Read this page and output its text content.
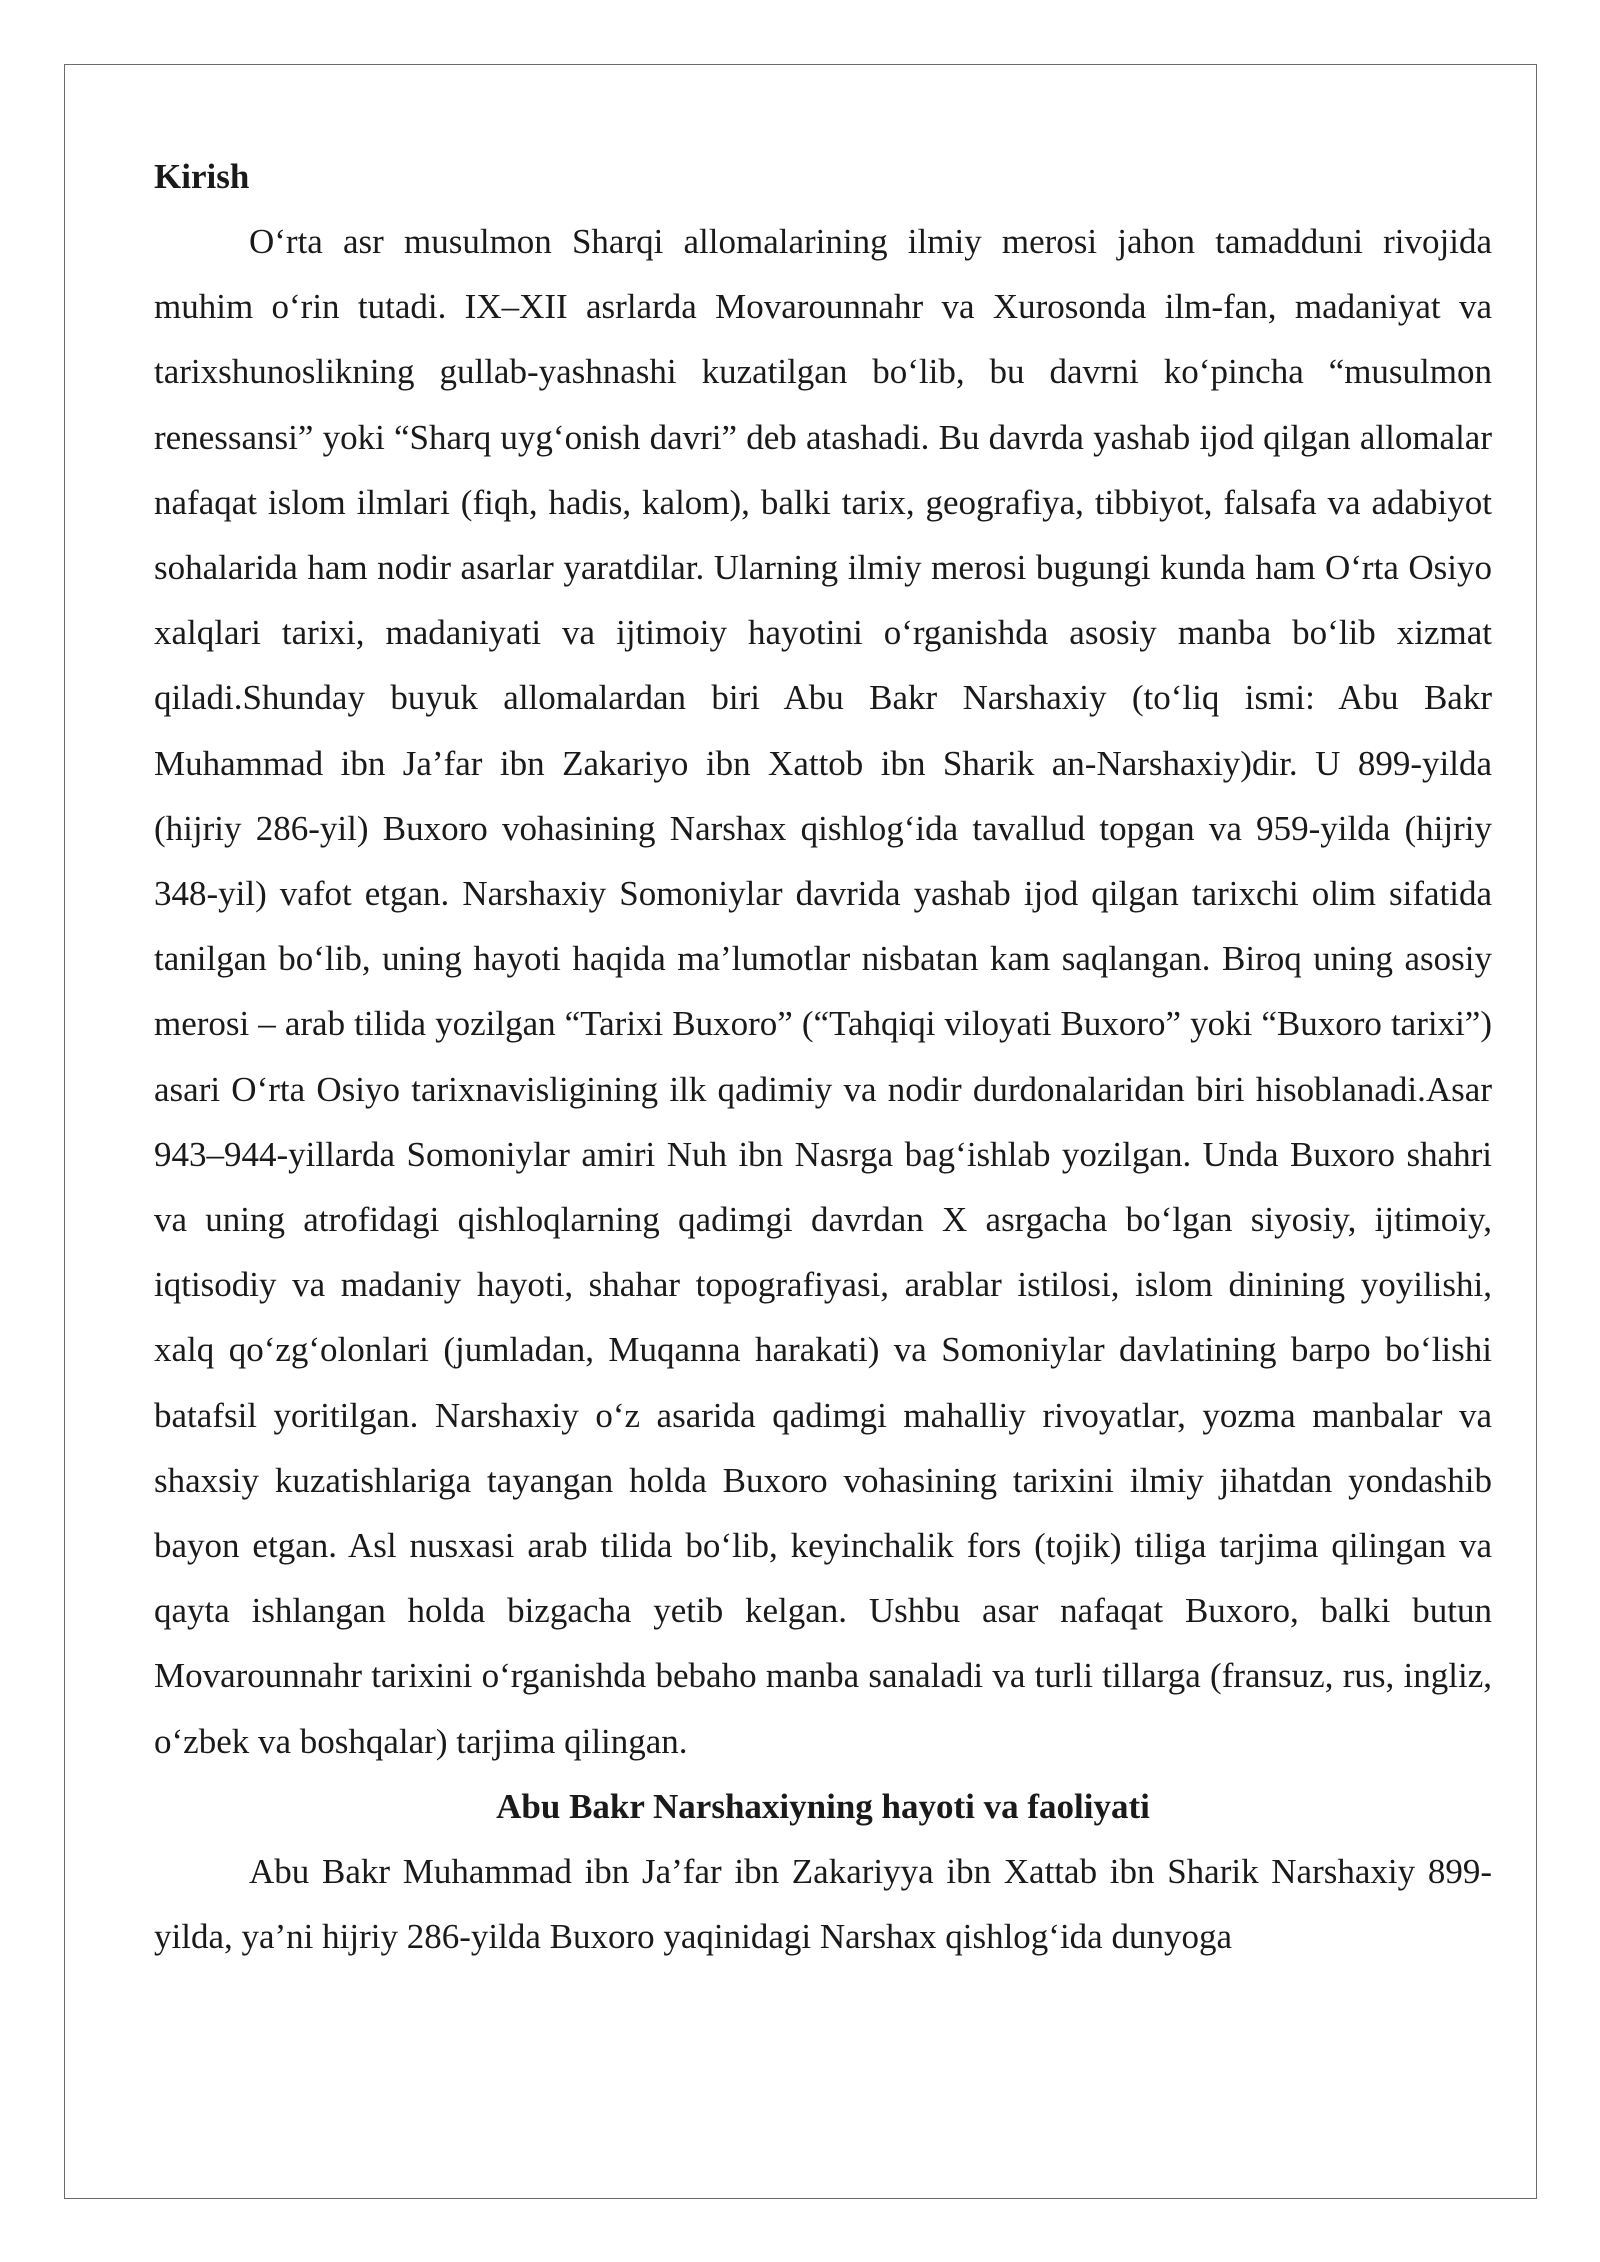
Kirish

O‘rta asr musulmon Sharqi allomalarining ilmiy merosi jahon tamadduni rivojida muhim o‘rin tutadi. IX–XII asrlarda Movarounnahr va Xurosonda ilm-fan, madaniyat va tarixshunoslikning gullab-yashnashi kuzatilgan bo‘lib, bu davrni ko‘pincha “musulmon renessansi” yoki “Sharq uyg‘onish davri” deb atashadi. Bu davrda yashab ijod qilgan allomalar nafaqat islom ilmlari (fiqh, hadis, kalom), balki tarix, geografiya, tibbiyot, falsafa va adabiyot sohalarida ham nodir asarlar yaratdilar. Ularning ilmiy merosi bugungi kunda ham O‘rta Osiyo xalqlari tarixi, madaniyati va ijtimoiy hayotini o‘rganishda asosiy manba bo‘lib xizmat qiladi.Shunday buyuk allomalardan biri Abu Bakr Narshaxiy (to‘liq ismi: Abu Bakr Muhammad ibn Ja’far ibn Zakariyo ibn Xattob ibn Sharik an-Narshaxiy)dir. U 899-yilda (hijriy 286-yil) Buxoro vohasining Narshax qishlog‘ida tavallud topgan va 959-yilda (hijriy 348-yil) vafot etgan. Narshaxiy Somoniylar davrida yashab ijod qilgan tarixchi olim sifatida tanilgan bo‘lib, uning hayoti haqida ma’lumotlar nisbatan kam saqlangan. Biroq uning asosiy merosi – arab tilida yozilgan “Tarixi Buxoro” (“Tahqiqi viloyati Buxoro” yoki “Buxoro tarixi”) asari O‘rta Osiyo tarixnavisligining ilk qadimiy va nodir durdonalaridan biri hisoblanadi.Asar 943–944-yillarda Somoniylar amiri Nuh ibn Nasrga bag‘ishlab yozilgan. Unda Buxoro shahri va uning atrofidagi qishloqlarning qadimgi davrdan X asrgacha bo‘lgan siyosiy, ijtimoiy, iqtisodiy va madaniy hayoti, shahar topografiyasi, arablar istilosi, islom dinining yoyilishi, xalq qo‘zg‘olonlari (jumladan, Muqanna harakati) va Somoniylar davlatining barpo bo‘lishi batafsil yoritilgan. Narshaxiy o‘z asarida qadimgi mahalliy rivoyatlar, yozma manbalar va shaxsiy kuzatishlariga tayangan holda Buxoro vohasining tarixini ilmiy jihatdan yondashib bayon etgan. Asl nusxasi arab tilida bo‘lib, keyinchalik fors (tojik) tiliga tarjima qilingan va qayta ishlangan holda bizgacha yetib kelgan. Ushbu asar nafaqat Buxoro, balki butun Movarounnahr tarixini o‘rganishda bebaho manba sanaladi va turli tillarga (fransuz, rus, ingliz, o‘zbek va boshqalar) tarjima qilingan.

Abu Bakr Narshaxiyning hayoti va faoliyati

Abu Bakr Muhammad ibn Ja’far ibn Zakariyya ibn Xattab ibn Sharik Narshaxiy 899-yilda, ya’ni hijriy 286-yilda Buxoro yaqinidagi Narshax qishlog‘ida dunyoga
